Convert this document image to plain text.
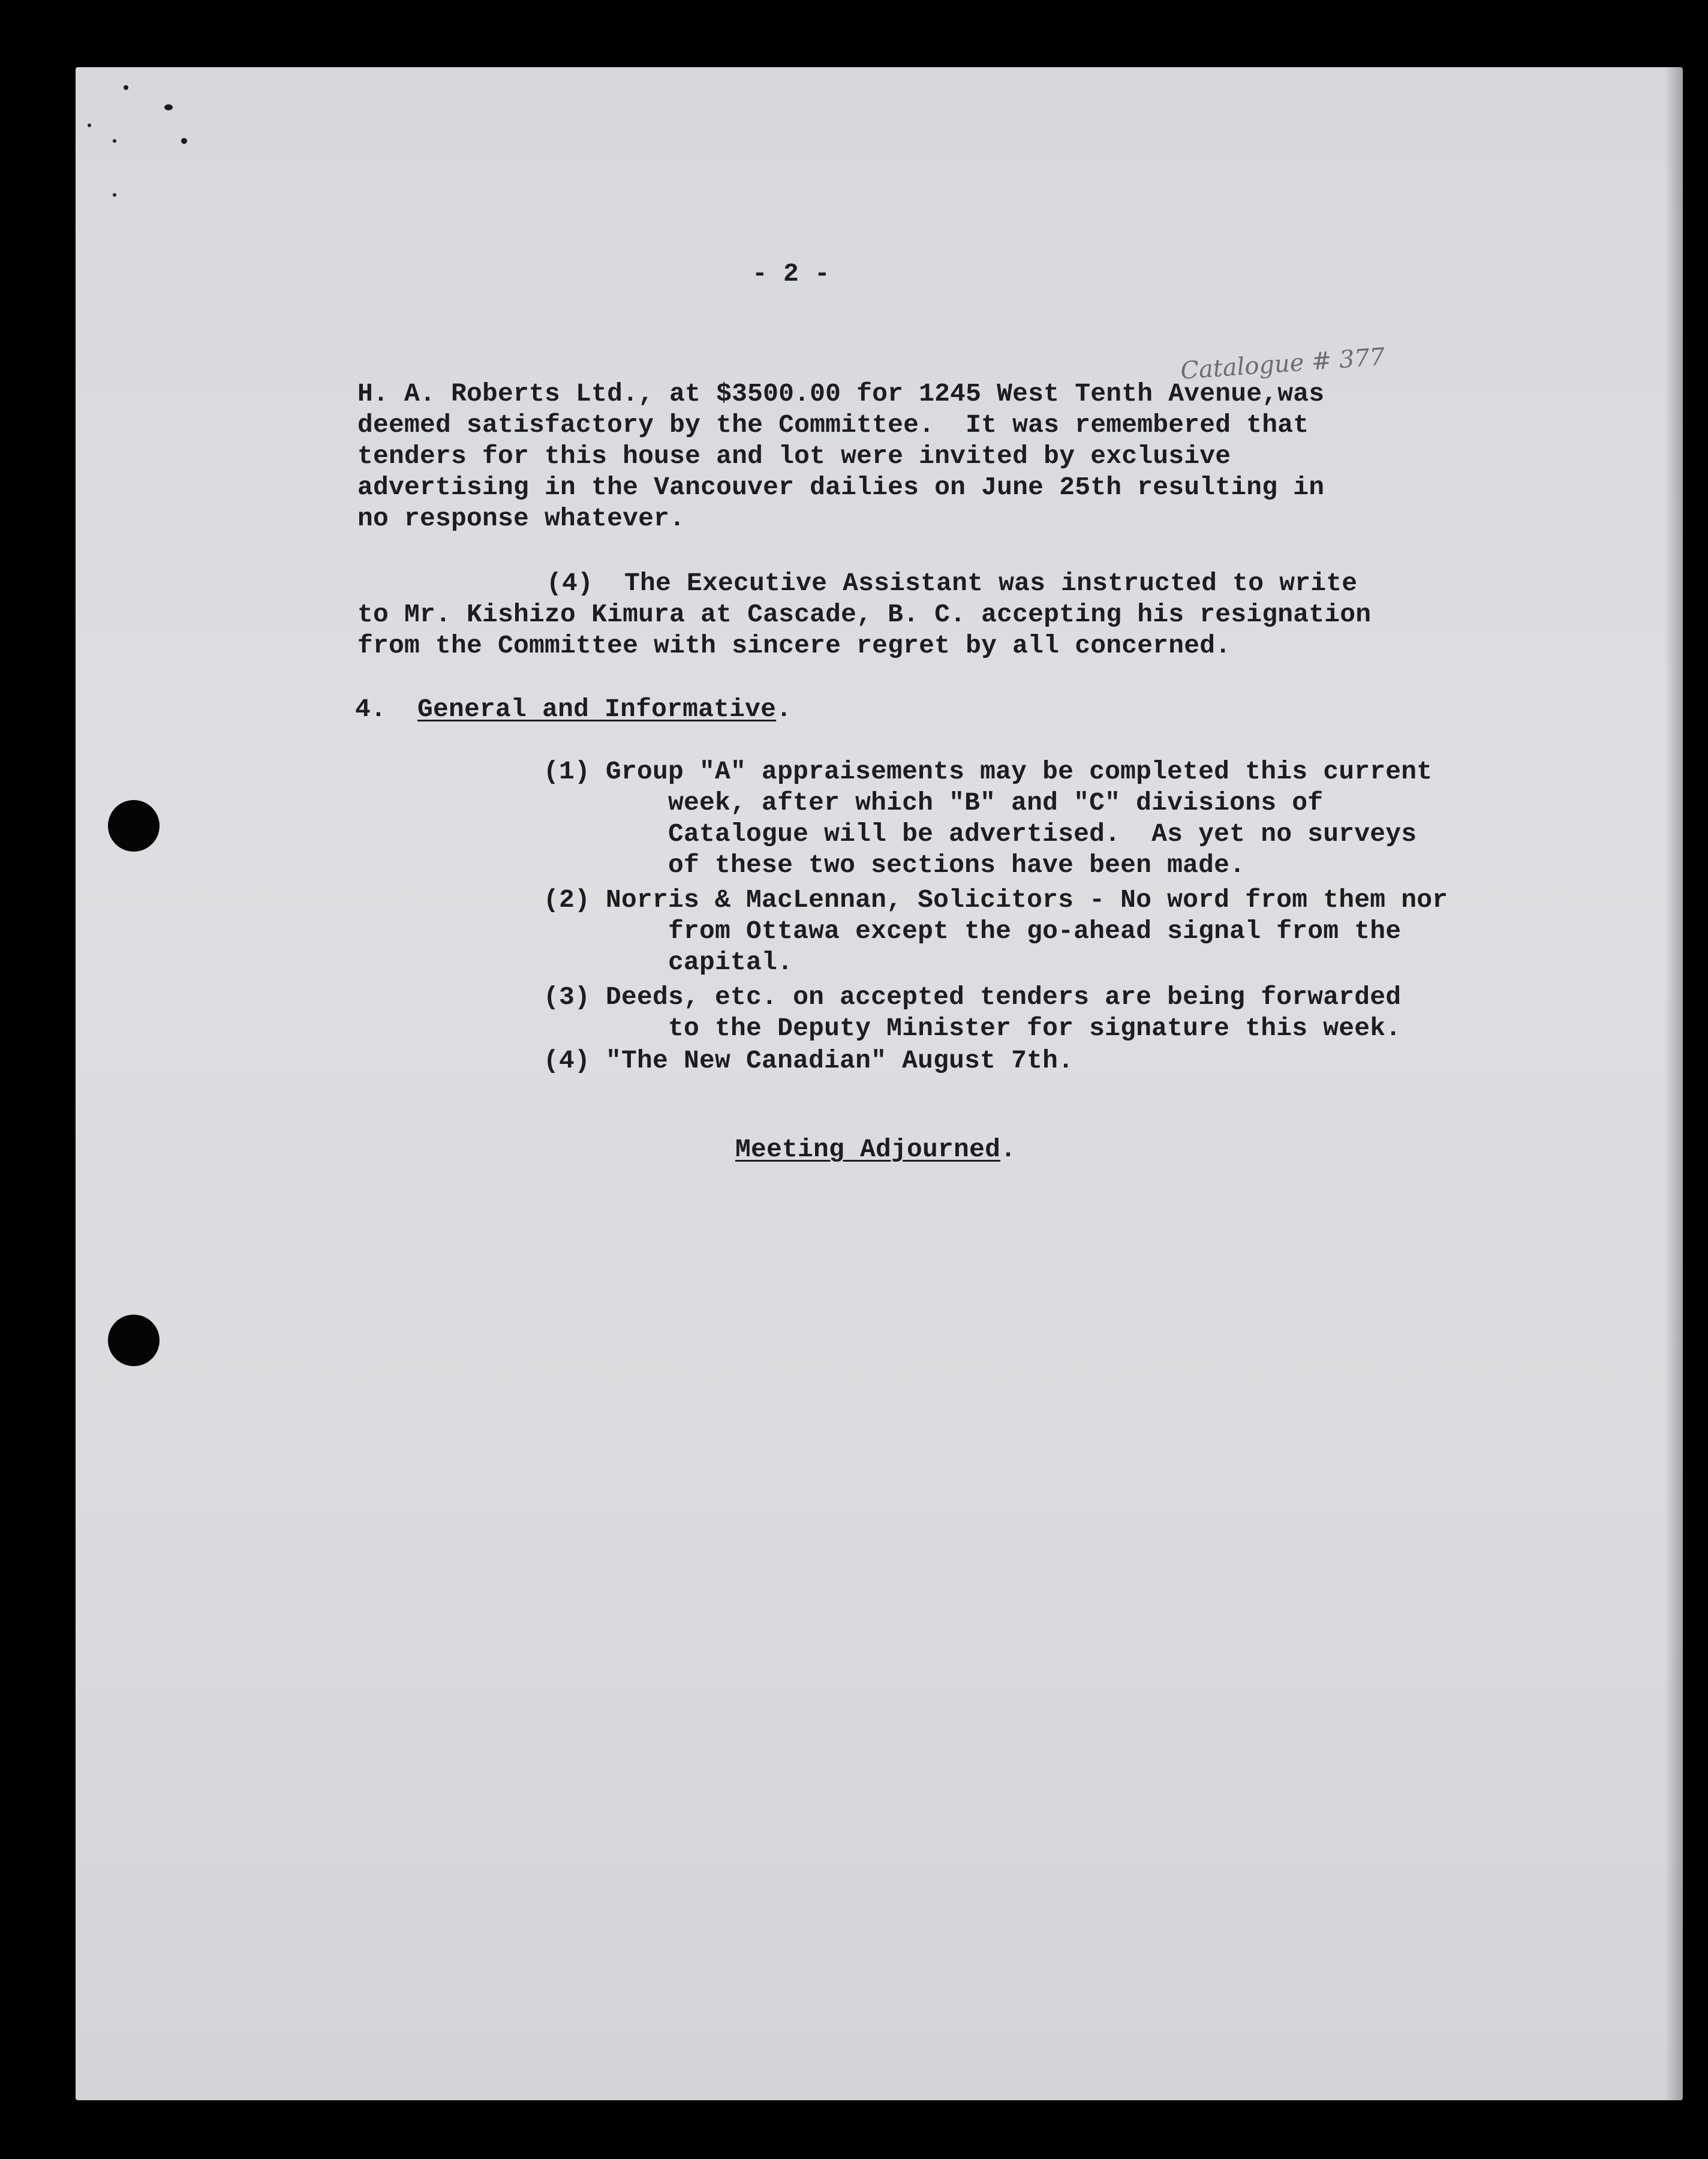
- 2 -
Catalogue # 377
H. A. Roberts Ltd., at $3500.00 for 1245 West Tenth Avenue,was
deemed satisfactory by the Committee.  It was remembered that
tenders for this house and lot were invited by exclusive
advertising in the Vancouver dailies on June 25th resulting in
no response whatever.
(4)  The Executive Assistant was instructed to write
to Mr. Kishizo Kimura at Cascade, B. C. accepting his resignation
from the Committee with sincere regret by all concerned.
4. General and Informative.
(1) Group "A" appraisements may be completed this current
week, after which "B" and "C" divisions of
Catalogue will be advertised.  As yet no surveys
of these two sections have been made.
(2) Norris & MacLennan, Solicitors - No word from them nor
from Ottawa except the go-ahead signal from the
capital.
(3) Deeds, etc. on accepted tenders are being forwarded
to the Deputy Minister for signature this week.
(4) "The New Canadian" August 7th.
Meeting Adjourned.
